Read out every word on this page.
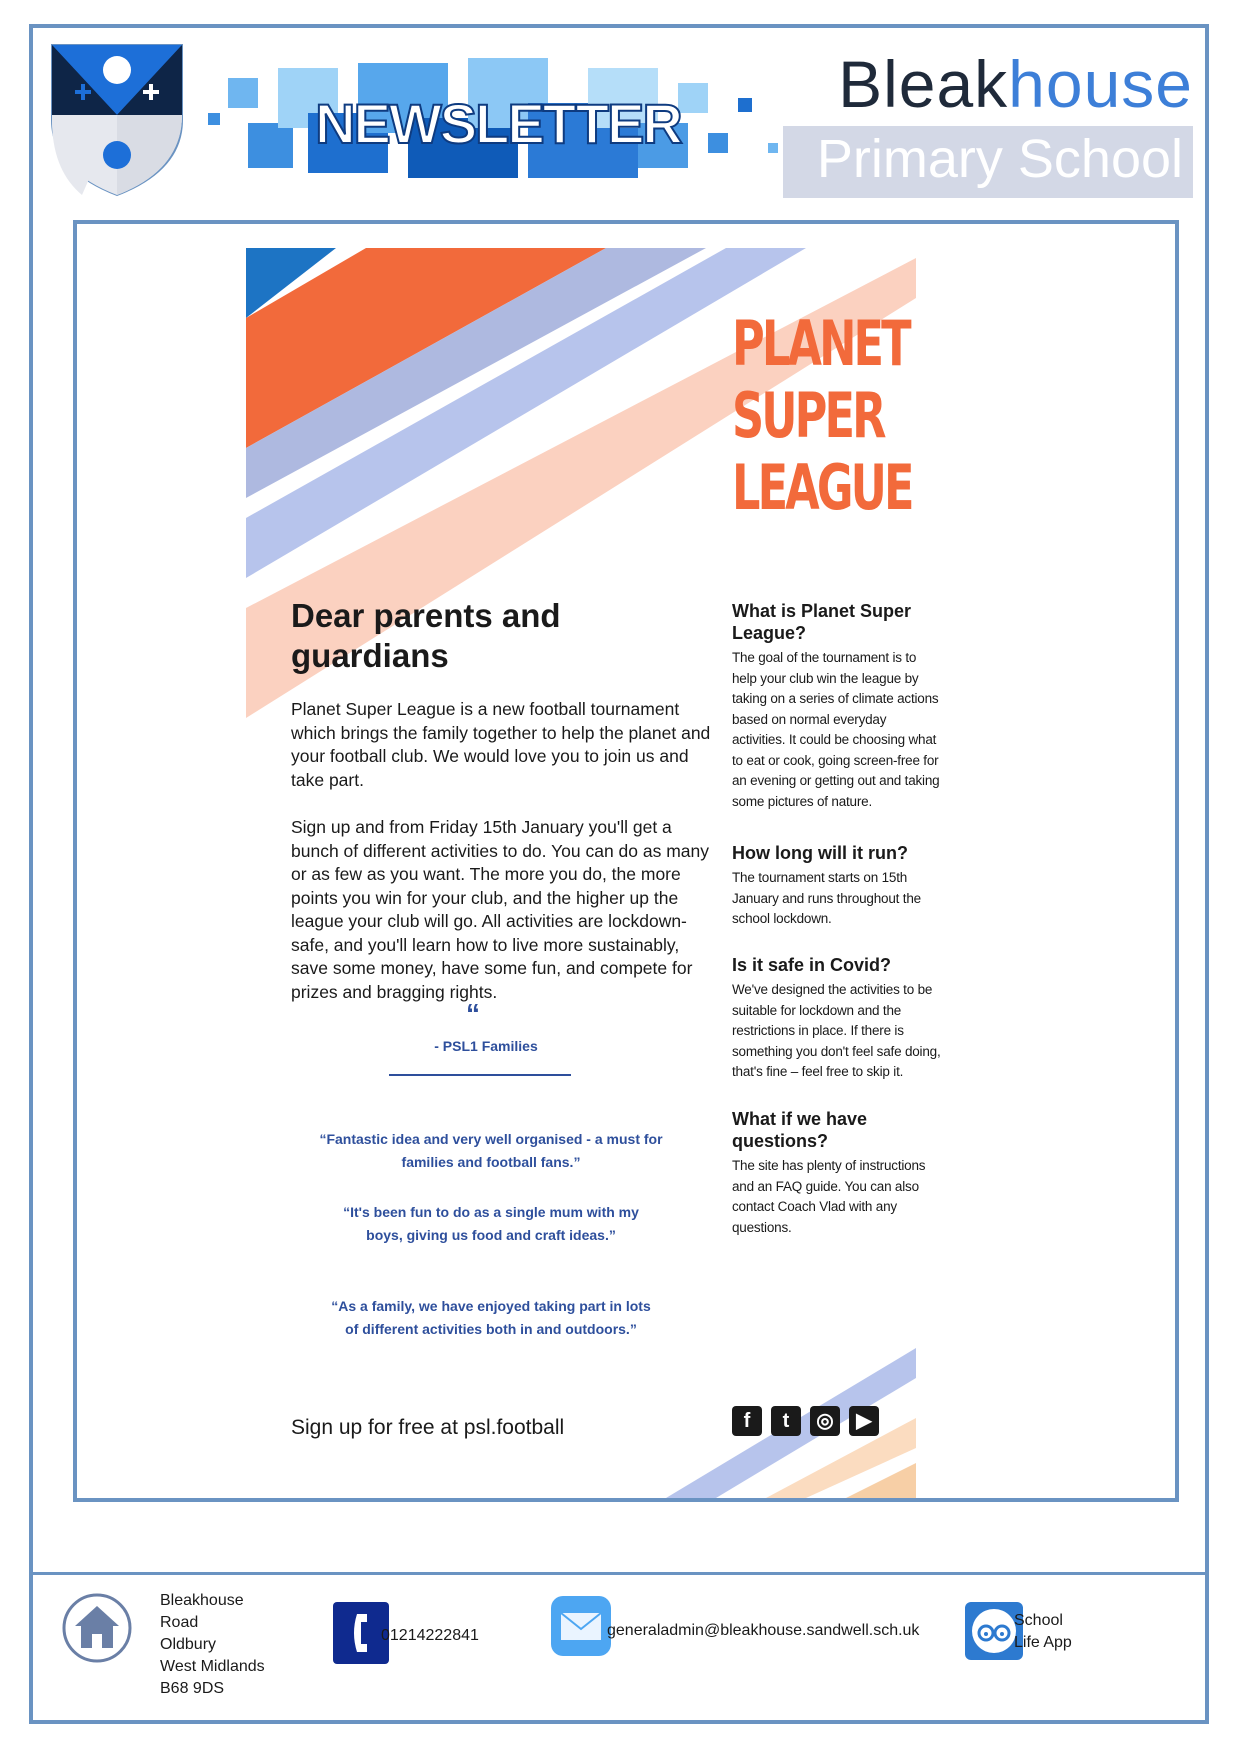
NEWSLETTER
Bleakhouse
Primary School
PLANET
SUPER
LEAGUE
Dear parents and guardians

Planet Super League is a new football tournament which brings the family together to help the planet and your football club. We would love you to join us and take part.

Sign up and from Friday 15th January you'll get a bunch of different activities to do. You can do as many or as few as you want. The more you do, the more points you win for your club, and the higher up the league your club will go. All activities are lockdown-safe, and you'll learn how to live more sustainably, save some money, have some fun, and compete for prizes and bragging rights.

“
- PSL1 Families
“Fantastic idea and very well organised - a must for families and football fans.”
“It's been fun to do as a single mum with my boys, giving us food and craft ideas.”
“As a family, we have enjoyed taking part in lots of different activities both in and outdoors.”
Sign up for free at psl.football
What is Planet Super League?

The goal of the tournament is to help your club win the league by taking on a series of climate actions based on normal everyday activities. It could be choosing what to eat or cook, going screen-free for an evening or getting out and taking some pictures of nature.

How long will it run?

The tournament starts on 15th January and runs throughout the school lockdown.

Is it safe in Covid?

We've designed the activities to be suitable for lockdown and the restrictions in place. If there is something you don't feel safe doing, that's fine – feel free to skip it.

What if we have questions?

The site has plenty of instructions and an FAQ guide. You can also contact Coach Vlad with any questions.

f t ◎ ▶
Bleakhouse
Road
Oldbury
West Midlands
B68 9DS
01214222841	generaladmin@bleakhouse.sandwell.sch.uk
School
Life App
